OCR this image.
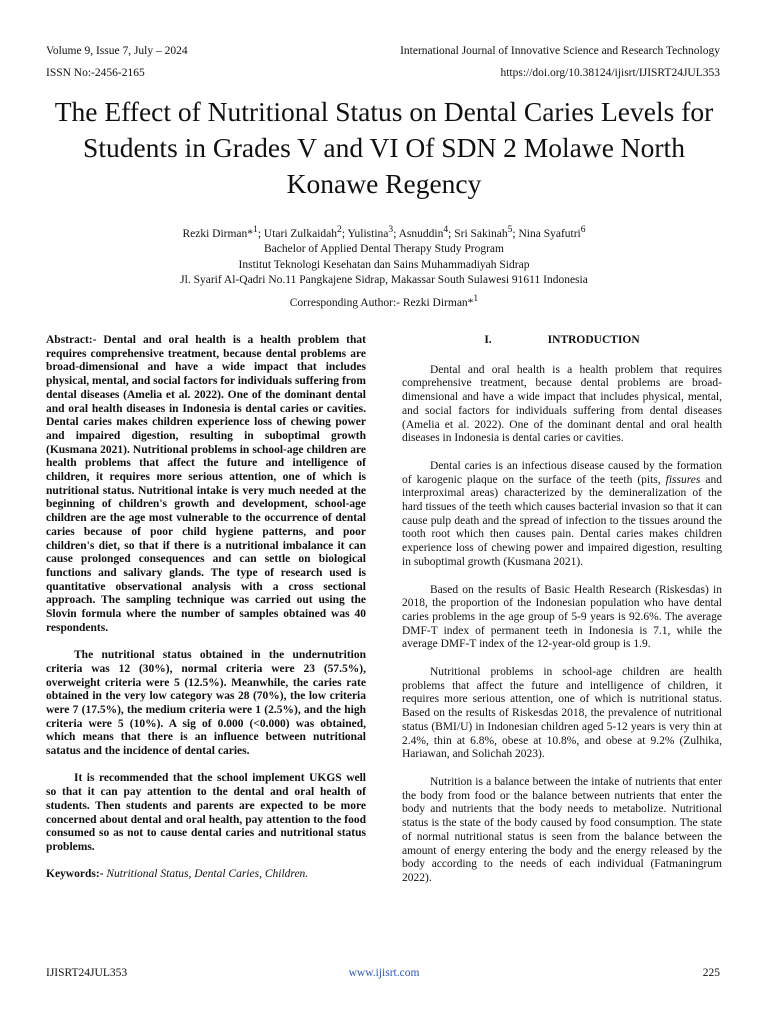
Volume 9, Issue 7, July – 2024	International Journal of Innovative Science and Research Technology
ISSN No:-2456-2165	https://doi.org/10.38124/ijisrt/IJISRT24JUL353
The Effect of Nutritional Status on Dental Caries Levels for Students in Grades V and VI Of SDN 2 Molawe North Konawe Regency
Rezki Dirman*$^1$; Utari Zulkaidah$^2$; Yulistina$^3$; Asnuddin$^4$; Sri Sakinah$^5$; Nina Syafutri$^6$
Bachelor of Applied Dental Therapy Study Program
Institut Teknologi Kesehatan dan Sains Muhammadiyah Sidrap
Jl. Syarif Al-Qadri No.11 Pangkajene Sidrap, Makassar South Sulawesi 91611 Indonesia
Corresponding Author:- Rezki Dirman*$^1$

Abstract:- Dental and oral health is a health problem that requires comprehensive treatment, because dental problems are broad-dimensional and have a wide impact that includes physical, mental, and social factors for individuals suffering from dental diseases (Amelia et al. 2022). One of the dominant dental and oral health diseases in Indonesia is dental caries or cavities. Dental caries makes children experience loss of chewing power and impaired digestion, resulting in suboptimal growth (Kusmana 2021). Nutritional problems in school-age children are health problems that affect the future and intelligence of children, it requires more serious attention, one of which is nutritional status. Nutritional intake is very much needed at the beginning of children's growth and development, school-age children are the age most vulnerable to the occurrence of dental caries because of poor child hygiene patterns, and poor children's diet, so that if there is a nutritional imbalance it can cause prolonged consequences and can settle on biological functions and salivary glands. The type of research used is quantitative observational analysis with a cross sectional approach. The sampling technique was carried out using the Slovin formula where the number of samples obtained was 40 respondents.

The nutritional status obtained in the undernutrition criteria was 12 (30%), normal criteria were 23 (57.5%), overweight criteria were 5 (12.5%). Meanwhile, the caries rate obtained in the very low category was 28 (70%), the low criteria were 7 (17.5%), the medium criteria were 1 (2.5%), and the high criteria were 5 (10%). A sig of 0.000 (<0.000) was obtained, which means that there is an influence between nutritional satatus and the incidence of dental caries.

It is recommended that the school implement UKGS well so that it can pay attention to the dental and oral health of students. Then students and parents are expected to be more concerned about dental and oral health, pay attention to the food consumed so as not to cause dental caries and nutritional status problems.

Keywords:- Nutritional Status, Dental Caries, Children.

I.	INTRODUCTION

Dental and oral health is a health problem that requires comprehensive treatment, because dental problems are broad-dimensional and have a wide impact that includes physical, mental, and social factors for individuals suffering from dental diseases (Amelia et al. 2022). One of the dominant dental and oral health diseases in Indonesia is dental caries or cavities.

Dental caries is an infectious disease caused by the formation of karogenic plaque on the surface of the teeth (pits, fissures and interproximal areas) characterized by the demineralization of the hard tissues of the teeth which causes bacterial invasion so that it can cause pulp death and the spread of infection to the tissues around the tooth root which then causes pain. Dental caries makes children experience loss of chewing power and impaired digestion, resulting in suboptimal growth (Kusmana 2021).

Based on the results of Basic Health Research (Riskesdas) in 2018, the proportion of the Indonesian population who have dental caries problems in the age group of 5-9 years is 92.6%. The average DMF-T index of permanent teeth in Indonesia is 7.1, while the average DMF-T index of the 12-year-old group is 1.9.

Nutritional problems in school-age children are health problems that affect the future and intelligence of children, it requires more serious attention, one of which is nutritional status. Based on the results of Riskesdas 2018, the prevalence of nutritional status (BMI/U) in Indonesian children aged 5-12 years is very thin at 2.4%, thin at 6.8%, obese at 10.8%, and obese at 9.2% (Zulhika, Hariawan, and Solichah 2023).

Nutrition is a balance between the intake of nutrients that enter the body from food or the balance between nutrients that enter the body and nutrients that the body needs to metabolize. Nutritional status is the state of the body caused by food consumption. The state of normal nutritional status is seen from the balance between the amount of energy entering the body and the energy released by the body according to the needs of each individual (Fatmaningrum 2022).

IJISRT24JUL353	www.ijisrt.com	225
